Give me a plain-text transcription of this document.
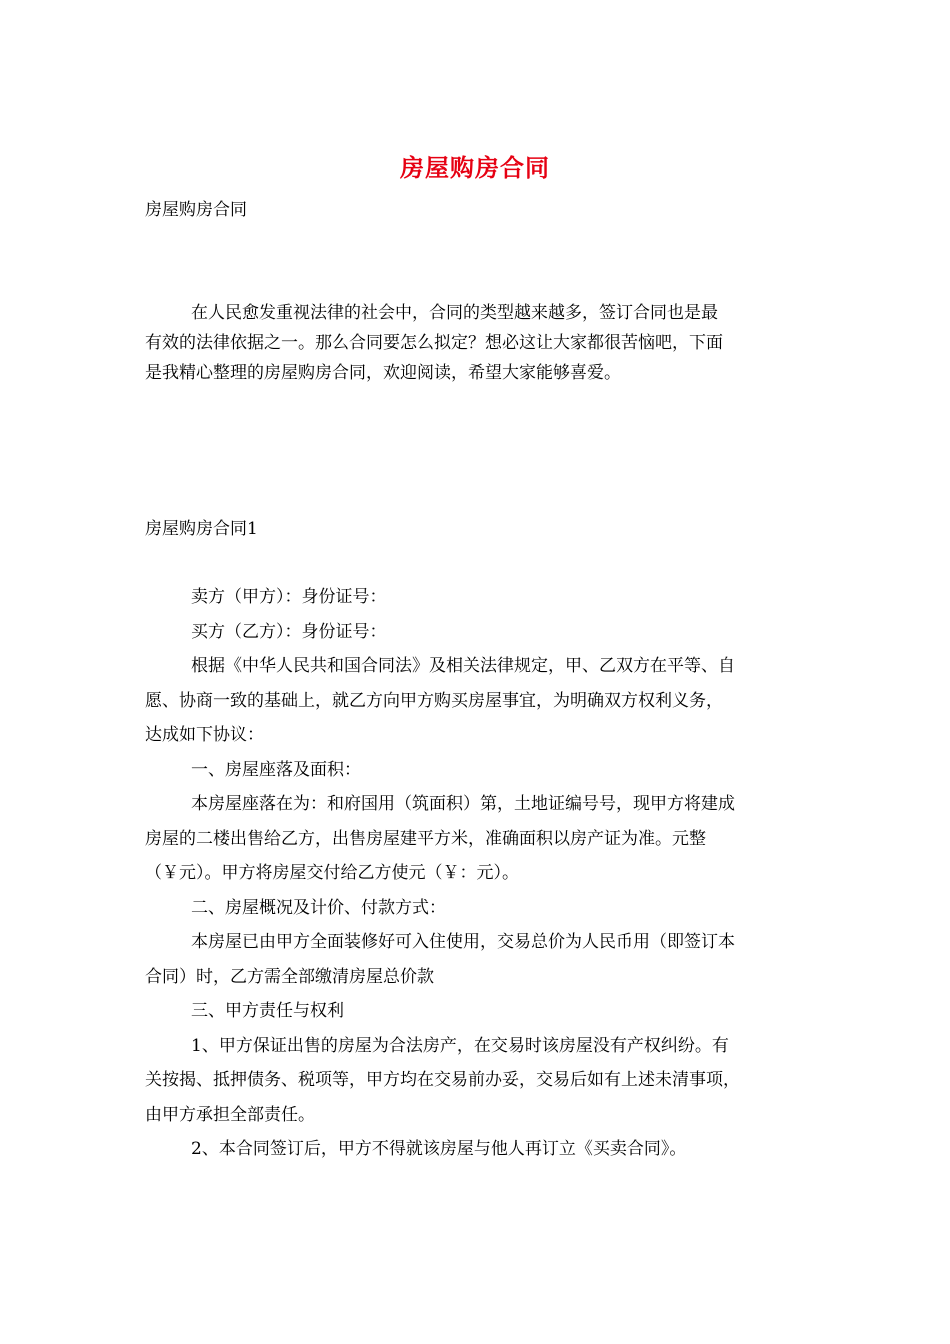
房屋购房合同
房屋购房合同
在人民愈发重视法律的社会中，合同的类型越来越多，签订合同也是最
有效的法律依据之一。那么合同要怎么拟定？想必这让大家都很苦恼吧，下面
是我精心整理的房屋购房合同，欢迎阅读，希望大家能够喜爱。
房屋购房合同1
卖方（甲方）：身份证号：
买方（乙方）：身份证号：
根据《中华人民共和国合同法》及相关法律规定，甲、乙双方在平等、自
愿、协商一致的基础上，就乙方向甲方购买房屋事宜，为明确双方权利义务，
达成如下协议：
一、房屋座落及面积：
本房屋座落在为：和府国用（筑面积）第，土地证编号号，现甲方将建成
房屋的二楼出售给乙方，出售房屋建平方米，准确面积以房产证为准。元整
（￥元）。甲方将房屋交付给乙方使元（￥：元）。
二、房屋概况及计价、付款方式：
本房屋已由甲方全面装修好可入住使用，交易总价为人民币用（即签订本
合同）时，乙方需全部缴清房屋总价款
三、甲方责任与权利
1、甲方保证出售的房屋为合法房产，在交易时该房屋没有产权纠纷。有
关按揭、抵押债务、税项等，甲方均在交易前办妥，交易后如有上述未清事项，
由甲方承担全部责任。
2、本合同签订后，甲方不得就该房屋与他人再订立《买卖合同》。
